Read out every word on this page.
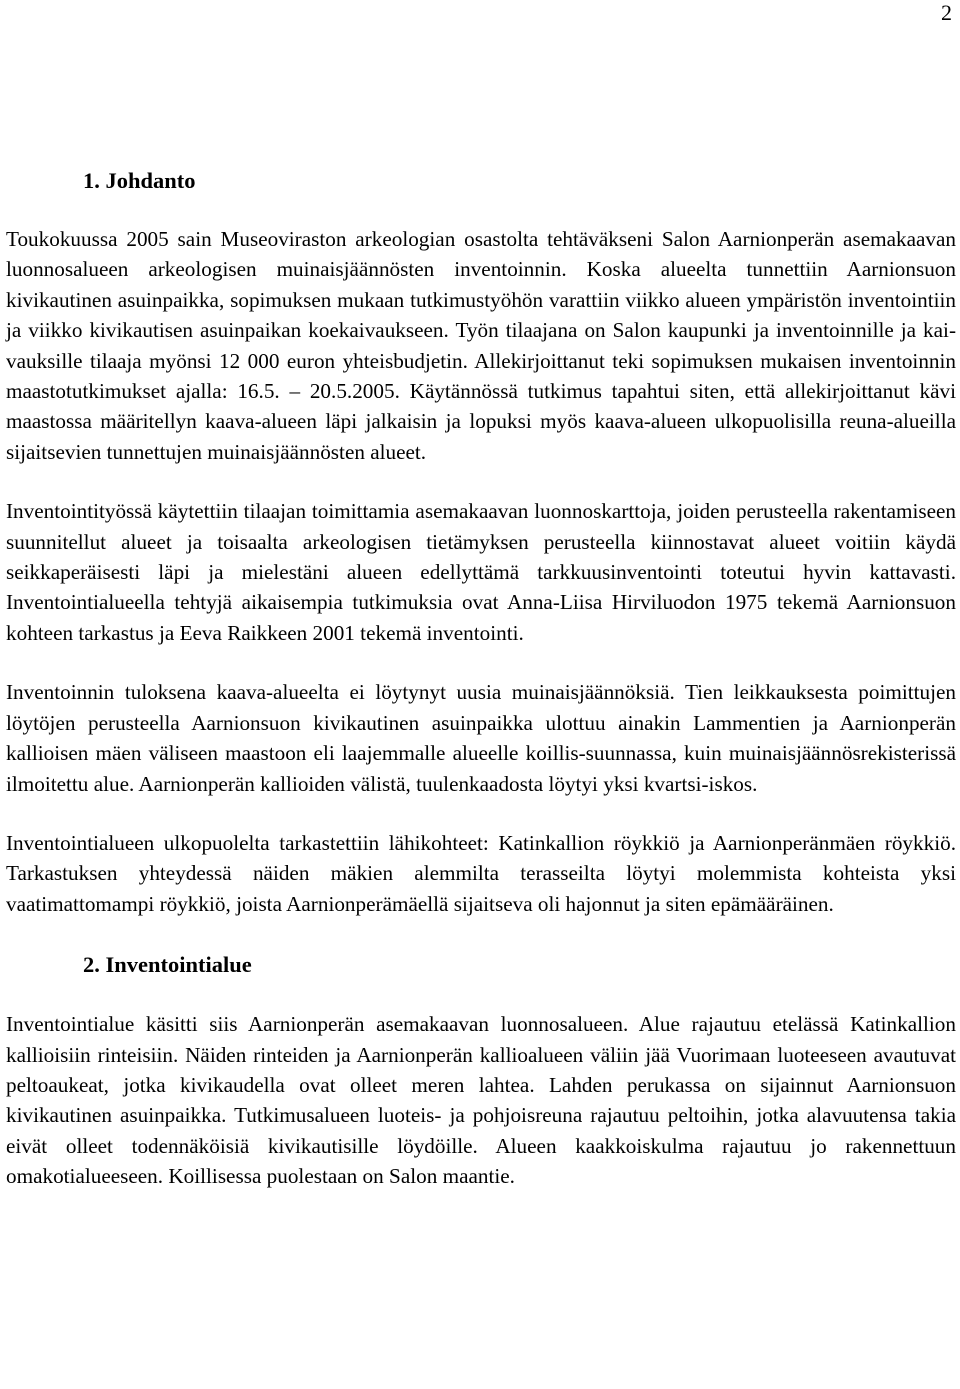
2
1. Johdanto

Toukokuussa 2005 sain Museoviraston arkeologian osastolta tehtäväkseni Salon Aarnionperän asemakaavan luonnosalueen arkeologisen muinaisjäännösten inventoinnin. Koska alueelta tunnettiin Aarnionsuon kivikautinen asuinpaikka, sopimuksen mukaan tutkimustyöhön varattiin viikko alueen ympäristön inventointiin ja viikko kivikautisen asuinpaikan koekaivaukseen. Työn tilaajana on Salon kaupunki ja inventoinnille ja kaivauksille tilaaja myönsi 12 000 euron yhteisbudjetin. Allekirjoittanut teki sopimuksen mukaisen inventoinnin maastotutkimukset ajalla: 16.5. – 20.5.2005. Käytännössä tutkimus tapahtui siten, että allekirjoittanut kävi maastossa määritellyn kaava-alueen läpi jalkaisin ja lopuksi myös kaava-alueen ulkopuolisilla reuna-alueilla sijaitsevien tunnettujen muinaisjäännösten alueet.

Inventointityössä käytettiin tilaajan toimittamia asemakaavan luonnoskarttoja, joiden perusteella rakentamiseen suunnitellut alueet ja toisaalta arkeologisen tietämyksen perusteella kiinnostavat alueet voitiin käydä seikkaperäisesti läpi ja mielestäni alueen edellyttämä tarkkuusinventointi toteutui hyvin kattavasti. Inventointialueella tehtyjä aikaisempia tutkimuksia ovat Anna-Liisa Hirviluodon 1975 tekemä Aarnionsuon kohteen tarkastus ja Eeva Raikkeen 2001 tekemä inventointi.

Inventoinnin tuloksena kaava-alueelta ei löytynyt uusia muinaisjäännöksiä. Tien leikkauksesta poimittujen löytöjen perusteella Aarnionsuon kivikautinen asuinpaikka ulottuu ainakin Lammentien ja Aarnionperän kallioisen mäen väliseen maastoon eli laajemmalle alueelle koillis-suunnassa, kuin muinaisjäännösrekisterissä ilmoitettu alue. Aarnionperän kallioiden välistä, tuulenkaadosta löytyi yksi kvartsi-iskos.

Inventointialueen ulkopuolelta tarkastettiin lähikohteet: Katinkallion röykkiö ja Aarnionperänmäen röykkiö. Tarkastuksen yhteydessä näiden mäkien alemmilta terasseilta löytyi molemmista kohteista yksi vaatimattomampi röykkiö, joista Aarnionperämäellä sijaitseva oli hajonnut ja siten epämääräinen.

2. Inventointialue

Inventointialue käsitti siis Aarnionperän asemakaavan luonnosalueen. Alue rajautuu etelässä Katinkallion kallioisiin rinteisiin. Näiden rinteiden ja Aarnionperän kallioalueen väliin jää Vuorimaan luoteeseen avautuvat peltoaukeat, jotka kivikaudella ovat olleet meren lahtea. Lahden perukassa on sijainnut Aarnionsuon kivikautinen asuinpaikka. Tutkimusalueen luoteis- ja pohjoisreuna rajautuu peltoihin, jotka alavuutensa takia eivät olleet todennäköisiä kivikautisille löydöille. Alueen kaakkoiskulma rajautuu jo rakennettuun omakotialueeseen. Koillisessa puolestaan on Salon maantie.
